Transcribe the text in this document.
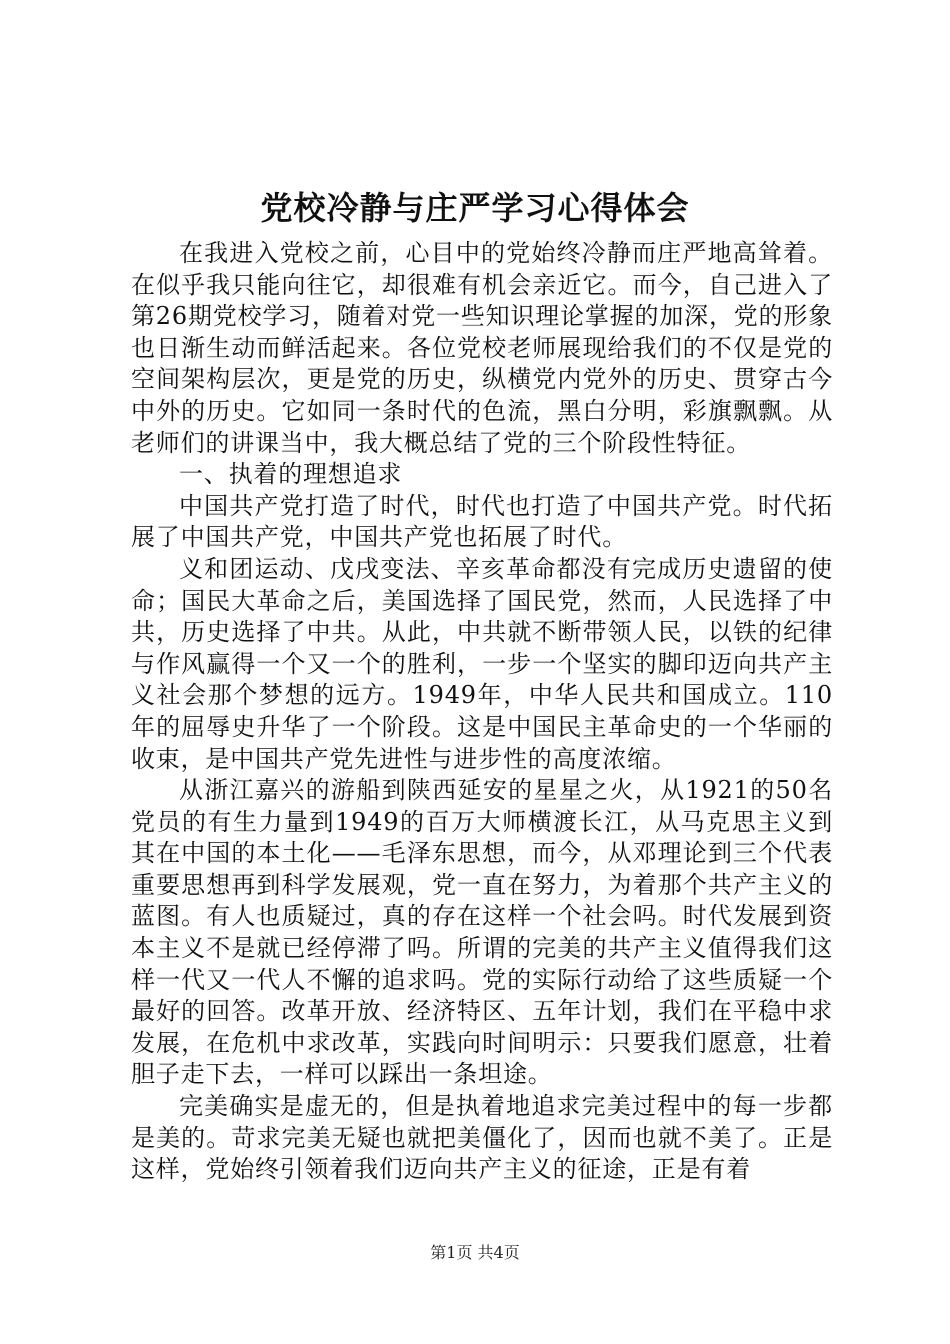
党校冷静与庄严学习心得体会

在我进入党校之前，心目中的党始终冷静而庄严地高耸着。在似乎我只能向往它，却很难有机会亲近它。而今，自己进入了第26期党校学习，随着对党一些知识理论掌握的加深，党的形象也日渐生动而鲜活起来。各位党校老师展现给我们的不仅是党的空间架构层次，更是党的历史，纵横党内党外的历史、贯穿古今中外的历史。它如同一条时代的色流，黑白分明，彩旗飘飘。从老师们的讲课当中，我大概总结了党的三个阶段性特征。

一、执着的理想追求

中国共产党打造了时代，时代也打造了中国共产党。时代拓展了中国共产党，中国共产党也拓展了时代。

义和团运动、戊戌变法、辛亥革命都没有完成历史遗留的使命；国民大革命之后，美国选择了国民党，然而，人民选择了中共，历史选择了中共。从此，中共就不断带领人民，以铁的纪律与作风赢得一个又一个的胜利，一步一个坚实的脚印迈向共产主义社会那个梦想的远方。1949年，中华人民共和国成立。110年的屈辱史升华了一个阶段。这是中国民主革命史的一个华丽的收束，是中国共产党先进性与进步性的高度浓缩。

从浙江嘉兴的游船到陕西延安的星星之火，从1921的50名党员的有生力量到1949的百万大师横渡长江，从马克思主义到其在中国的本土化——毛泽东思想，而今，从邓理论到三个代表重要思想再到科学发展观，党一直在努力，为着那个共产主义的蓝图。有人也质疑过，真的存在这样一个社会吗。时代发展到资本主义不是就已经停滞了吗。所谓的完美的共产主义值得我们这样一代又一代人不懈的追求吗。党的实际行动给了这些质疑一个最好的回答。改革开放、经济特区、五年计划，我们在平稳中求发展，在危机中求改革，实践向时间明示：只要我们愿意，壮着胆子走下去，一样可以踩出一条坦途。

完美确实是虚无的，但是执着地追求完美过程中的每一步都是美的。苛求完美无疑也就把美僵化了，因而也就不美了。正是这样，党始终引领着我们迈向共产主义的征途，正是有着

第1页 共4页
